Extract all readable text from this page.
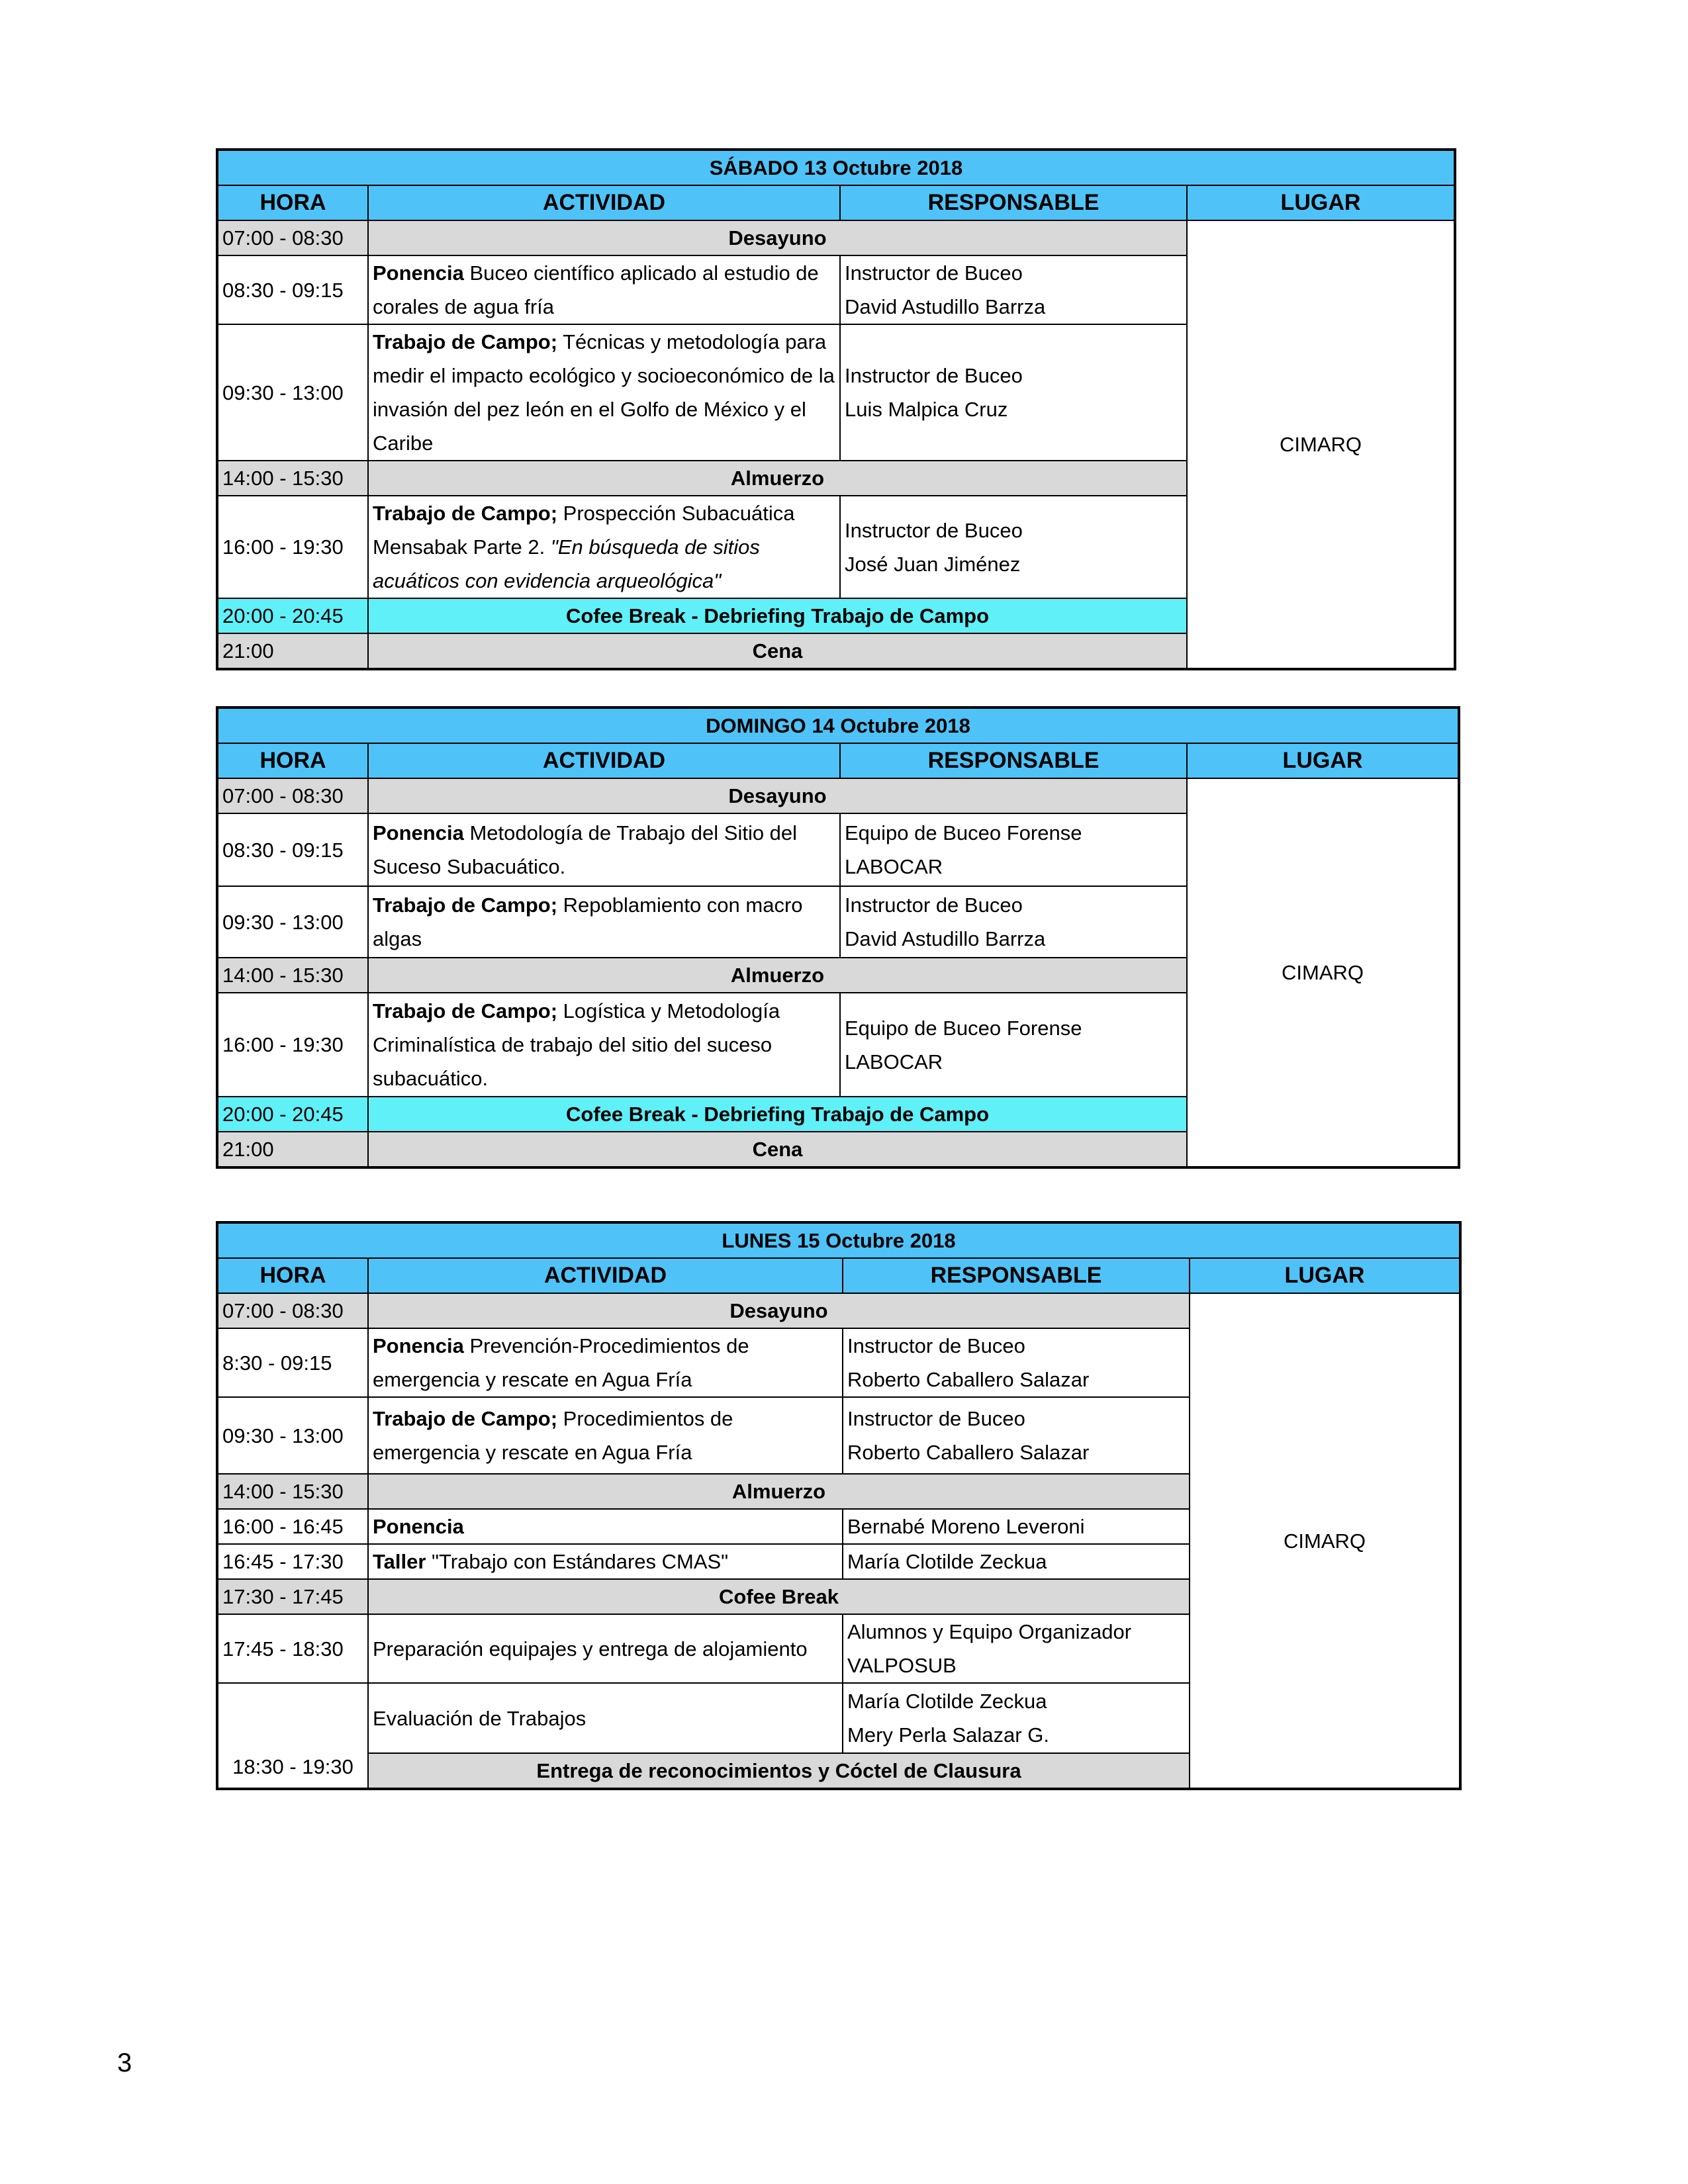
SÁBADO 13 Octubre 2018			
HORA	ACTIVIDAD	RESPONSABLE	LUGAR
07:00 - 08:30	Desayuno		CIMARQ
08:30 - 09:15	Ponencia Buceo científico aplicado al estudio de corales de agua fría	Instructor de Buceo
David Astudillo Barrza	

09:30 - 13:00	Trabajo de Campo; Técnicas y metodología para medir el impacto ecológico y socioeconómico de la invasión del pez león en el Golfo de México y el Caribe	Instructor de Buceo
Luis Malpica Cruz	

14:00 - 15:30	Almuerzo		
16:00 - 19:30	Trabajo de Campo; Prospección Subacuática Mensabak Parte 2. "En búsqueda de sitios acuáticos con evidencia arqueológica"	Instructor de Buceo
José Juan Jiménez	

20:00 - 20:45	Cofee Break - Debriefing Trabajo de Campo		
21:00	Cena		
DOMINGO 14 Octubre 2018			
HORA	ACTIVIDAD	RESPONSABLE	LUGAR
07:00 - 08:30	Desayuno		CIMARQ
08:30 - 09:15	Ponencia Metodología de Trabajo del Sitio del Suceso Subacuático.	Equipo de Buceo Forense LABOCAR	
09:30 - 13:00	Trabajo de Campo; Repoblamiento con macro algas	Instructor de Buceo
David Astudillo Barrza	

14:00 - 15:30	Almuerzo		
16:00 - 19:30	Trabajo de Campo; Logística y Metodología Criminalística de trabajo del sitio del suceso subacuático.	Equipo de Buceo Forense LABOCAR	
20:00 - 20:45	Cofee Break - Debriefing Trabajo de Campo		
21:00	Cena		
LUNES 15 Octubre 2018			
HORA	ACTIVIDAD	RESPONSABLE	LUGAR
07:00 - 08:30	Desayuno		CIMARQ
8:30 - 09:15	Ponencia Prevención-Procedimientos de emergencia y rescate en Agua Fría	Instructor de Buceo
Roberto Caballero Salazar	

09:30 - 13:00	Trabajo de Campo; Procedimientos de emergencia y rescate en Agua Fría	Instructor de Buceo
Roberto Caballero Salazar	

14:00 - 15:30	Almuerzo		
16:00 - 16:45	Ponencia	Bernabé Moreno Leveroni	
16:45 - 17:30	Taller "Trabajo con Estándares CMAS"	María Clotilde Zeckua	
17:30 - 17:45	Cofee Break		
17:45 - 18:30	Preparación equipajes y entrega de alojamiento	Alumnos y Equipo Organizador
VALPOSUB	

18:30 - 19:30	Evaluación de Trabajos	María Clotilde Zeckua
Mery Perla Salazar G.	

	Entrega de reconocimientos y Cóctel de Clausura		
3
